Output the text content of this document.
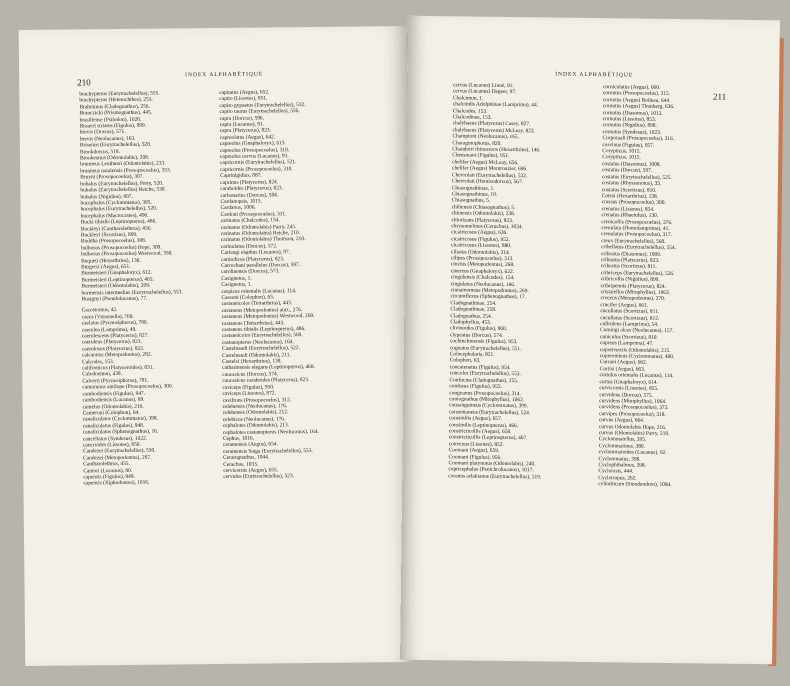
210
INDEX ALPHABÉTIQUE
brachypterus (Eurytrachelellus), 555.
brachypterus (Heterochthes), 253.
Brahminus (Cladognathus), 256.
Branczicki (Prismognathus), 445.
brasiliense (Psilodon), 1028.
Braueri striatus (Figulus), 999.
brevis (Dorcus), 571.
brevis (Neolucanus), 163.
Brisenus (Eurytrachelellus), 520.
Brookdorcus, 518.
Brookeanus (Odontolabis), 208.
brunneus Leuthneri (Odontolabis), 233.
brunneus natalensis (Prosopocoelus), 353.
Bruyni (Prosopocoelus), 307.
bubalus (Eurytrachelellus), Perty, 520.
bubalus (Eurytrachelellus) Reiche, 530.
bubalus (Nigidius), 897.
bucephalus (Cyclommatus), 395.
bucephalus (Eurytrachelellus), 520.
bucephalus (Macrocrates), 490.
Bucki tibialis (Leptinopterus), 486.
Buckleyi (Cantharolethrus), 456.
Buckleyi (Scortizus), 809.
Buddha (Prosopocoelus), 308.
bulbosus (Prosopocoelus) Hope, 309.
bulbosus (Prosopocoelus) Westwood, 358.
Buqueti (Hexarthrius), 138.
Bürgersi (Aegus), 651.
Burmeisteri (Gnaphaloryx), 612.
Burmeisteri (Leptinopterus), 465.
Burmeisteri (Odontolabis), 209.
burmensis intermedius (Eurytrachelellus), 553.
Busignyi (Pseudolucanus), 77.
Cacostomus, 42.
caeca (Vinsonella), 768.
caelatus (Pycnosiphorus), 780.
caerulea (Lamprima), 49.
caerulescens (Platycerus), 827.
caeruleus (Platycerus), 823.
caerulosus (Platycerus), 822.
calcaratus (Metopodontus), 282.
Calcodes, 153.
californicus (Platyceroides), 831.
Calodoemon, 439.
Calverti (Pycnosiphorus), 781.
camarunus antilope (Prosopocoelus), 300.
cambodiensis (Figulus), 947.
cambodiensis (Lucanus), 89.
camelus (Odontolabis), 210.
Cameroni (Colophon), 64.
canaliculatus (Cyclommatus), 398.
canaliculatus (Figulus), 948.
canaliculatus (Sphenognathus), 16.
cancellatus (Syndesus), 1022.
cancroides (Lissotes), 850.
Candezei (Eurytrachelellus), 530.
Candezei (Metopodontus), 267.
Cantharolethrus, 455.
Cantori (Lucanus), 90.
capensis (Figulus), 949.
capensis (Xiphodontus), 1016.
capitatus (Aegus), 652.
capito (Lissotes), 851.
capito gypaetus (Eurytrachelellus), 532.
capito taurus (Eurytrachelellus), 556.
capra (Dorcus), 596.
capra (Lucanus), 91.
capra (Platycerus), 823.
capreolatus (Aegus), 642.
capreolus (Gnaphaloryx), 613.
capreolus (Prosopocoelus), 310.
capreolus cervus (Lucanus), 91.
capricornis (Eurytrachelellus), 521.
capricornis (Prosopocoelus), 310.
Caprinigidius, 887.
caprinus (Platycerus), 824.
caraboides (Platycerus), 823.
carbonarius (Dorcus), 584.
Cardanopsis, 1015.
Cardanus, 1006.
Cardoni (Prosopocoelus), 311.
carinatus (Chalcodes), 154.
carinatus (Odontolabis) Parry, 245.
carinatus (Odontolabis) Reiche, 210.
carinatus (Odontolabis) Thomson, 210.
carinulatus (Dorcus), 572.
Carlengi elaphus (Lucanus), 97.
carniolicus (Platycerus), 823.
Carrochani parallelus (Dorcus), 597.
carolinensis (Dorcus), 573.
Casignetus, 1.
Casignetus, 1.
caspicus orientalis (Lucanus), 114.
Cassoni (Colophon), 65.
castaneicolor (Tetrarthrius), 443.
castaneus (Metopodontus) auct., 276.
castaneus (Metopodontus) Westwood, 269.
castaneus (Tetrarthrius), 443.
castaneus tibialis (Leptinopterus), 486.
castaneicolor (Eurytrachelellus), 560.
castanopterus (Neolucanus), 164.
Castelnaudi (Eurytrachelellus), 522.
Castelnaudi (Odontolabis), 211.
Castelsi (Hexarthrius), 138.
catharinensis elegans (Leptinopterus), 468.
caucasicus (Dorcus), 574.
caucasicus caraboides (Platycerus), 823.
caviceps (Figulus), 950.
caviceps (Lissotes), 872.
cavifrons (Prosopocoelus), 312.
celebensis (Neolucanus), 176.
celebensis (Odontolabis), 212.
celebicus (Neolucanus), 176.
cephalotes (Odontolabis), 213.
cephalotes castanopterus (Neolucanus), 164.
Cephus, 1016.
ceramensis (Aegus), 654.
ceramensis Saiga (Eurytrachelellus), 553.
Ceratognathus, 1044.
Cerachus, 1033.
cervicornis (Aegus), 655.
cervulus (Eurytrachelellus), 523.
211
INDEX ALPHABÉTIQUE
cervus (Lucanus) Linné, 91.
cervus (Lucanus) Degeer, 97.
Chalcimon, 1.
chalcitidis Adolphinae (Lamprima), 44.
Chalcodes, 153.
Chalcodinae, 153.
chalybaeus (Platycerus) Casey, 827.
chalybaeus (Platycerus) McLeay, 823.
Championi (Neolucanus), 165.
Charagmophorus, 820.
Chaudoiri rhinoceros (Hexarthrius), 146.
Cheesmani (Figulus), 951.
chelifer (Aegus) McLeay, 656.
chelifer (Aegus) Montrouzier, 696.
Chevrolati (Eurytrachelellus), 532.
Chevrolati (Hemisodorcus), 567.
Chiasognathinae, 1.
Chiasognathinus, 10.
Chiasognathus, 5.
chiliensis (Chiasognathus), 5.
chinensis (Odontolabis), 238.
chlorizans (Platycerus), 823.
chrysomelinus (Ceruchus), 1034.
cicatricosus (Aegus), 636.
cicatricosus (Figulus), 952.
cicatricosus (Lissotes), 880.
ciliatus (Odontolabis), 214.
cilipes (Prosopocoelus), 313.
cinctus (Metopodontus), 268.
cinereus (Gnaphaloryx), 622.
cingulensis (Chalcodes), 154.
cingulatus (Neolucanus), 166.
cinnamomeus (Metopodontus), 269.
circumflexus (Sphenognathus), 17.
Cladognathinae, 254.
Cladognathinae, 258.
Cladognathus, 254.
Cladophyllus, 453.
clivinoides (Figulus), 960.
clypeatus (Dorcus), 574.
cochinchinensis (Figulus), 953.
cognatus (Eurytrachelellus), 551.
Colocephalaria, 821.
Colophon, 63.
concatenatus (Figulus), 954.
concolor (Eurytrachelellus), 553.
Confucius (Cladognathus), 255.
confusus (Figulus), 955.
congoanus (Prosopocoelus), 314.
coniognathus (Mitophyllus), 1062.
consanguineus (Cyclommatus), 399.
consentaneus (Eurytrachelellus), 524.
consimilis (Aegus), 657.
consimilis (Leptinopterus), 466.
constricticollis (Aegus), 658.
constricticollis (Leptinopterus), 467.
convexus (Lissotes), 852.
Coomani (Aegus), 659.
Coomani (Figulus), 956.
Coomani platynotus (Odontolabis), 240.
copricephalus (Penichrolucanus), 1017.
coranus arfakianus (Eurytrachelellus), 519.
corniculatus (Aegus), 660.
cornutus (Prosopocoelus), 315.
cornutus (Aegus) Boileau, 644.
cornutus (Aegus) Thunberg, 636.
cornutus (Diasomus), 1013.
cornutus (Lissotes), 853.
cornutus (Nigidius), 898.
cornutus (Syndesus), 1023.
Corporaali (Prosopocoelus), 316.
corvinus (Figulus), 957.
Corypticus, 1015.
Corypticus, 1015.
costatus (Diasomus), 1008.
costatus (Dorcus), 597.
costatus (Eurytrachelellus), 525.
costatus (Rhyssonotus), 33.
costatus (Scortizus), 810.
Cotesi (Hexarthrius), 138.
crassus (Prosopocoelus), 300.
crenatus (Lissotes), 854.
crenatus (Rhaetulus), 130.
crenicollis (Prosopocoelus), 376.
crenulata (Homolamprima), 41.
crenulatus (Prosopocoelus), 317.
creux (Eurytrachelellus), 560.
cribellatus (Eurytrachelellus), 554.
cribratus (Diasomus), 1009.
cribratus (Platycerus), 823.
cribratus (Scortizus), 811.
cribriceps (Eurytrachelellus), 526.
cribricollis (Nigidius), 899.
cribripennis (Platycerus), 824.
cristatellus (Mitophyllus), 1063.
croceus (Metopodontus), 270.
crucifer (Aegus), 661.
cucullatus (Scortizus), 811.
cucullatus (Scortizus), 812.
cullridens (Lamprima), 54.
Cumingi alces (Neolucanus), 157.
cuniculus (Scortizus), 810.
cupreus (Lamprima), 47.
cupreivertris (Odontolabis), 215.
cupreoniteus (Cyclommatus), 400.
Currani (Aegus), 662.
Curtisi (Aegus), 663.
curtulus orientalis (Lucanus), 114.
curtus (Gnaphaloryx), 614.
curvicornis (Lissotes), 855.
curvidens (Dorcus), 575.
curvidens (Mitophyllus), 1064.
curvidens (Prosopocoelus), 373.
curvipes (Prosopocoelus), 318.
curvus (Aegus), 664.
curvus Odontolabis Hope, 216.
curvus (Odontolabis) Parry, 218.
Cyclommatellus, 395.
Cyclommatinus, 380.
cyclommatoides (Lucanus), 92.
Cyclommatus, 398.
Cyclophthalmus, 398.
Cyclorasis, 444.
Cyclotropus, 262.
cylindricum (Sinodendron), 1084.
